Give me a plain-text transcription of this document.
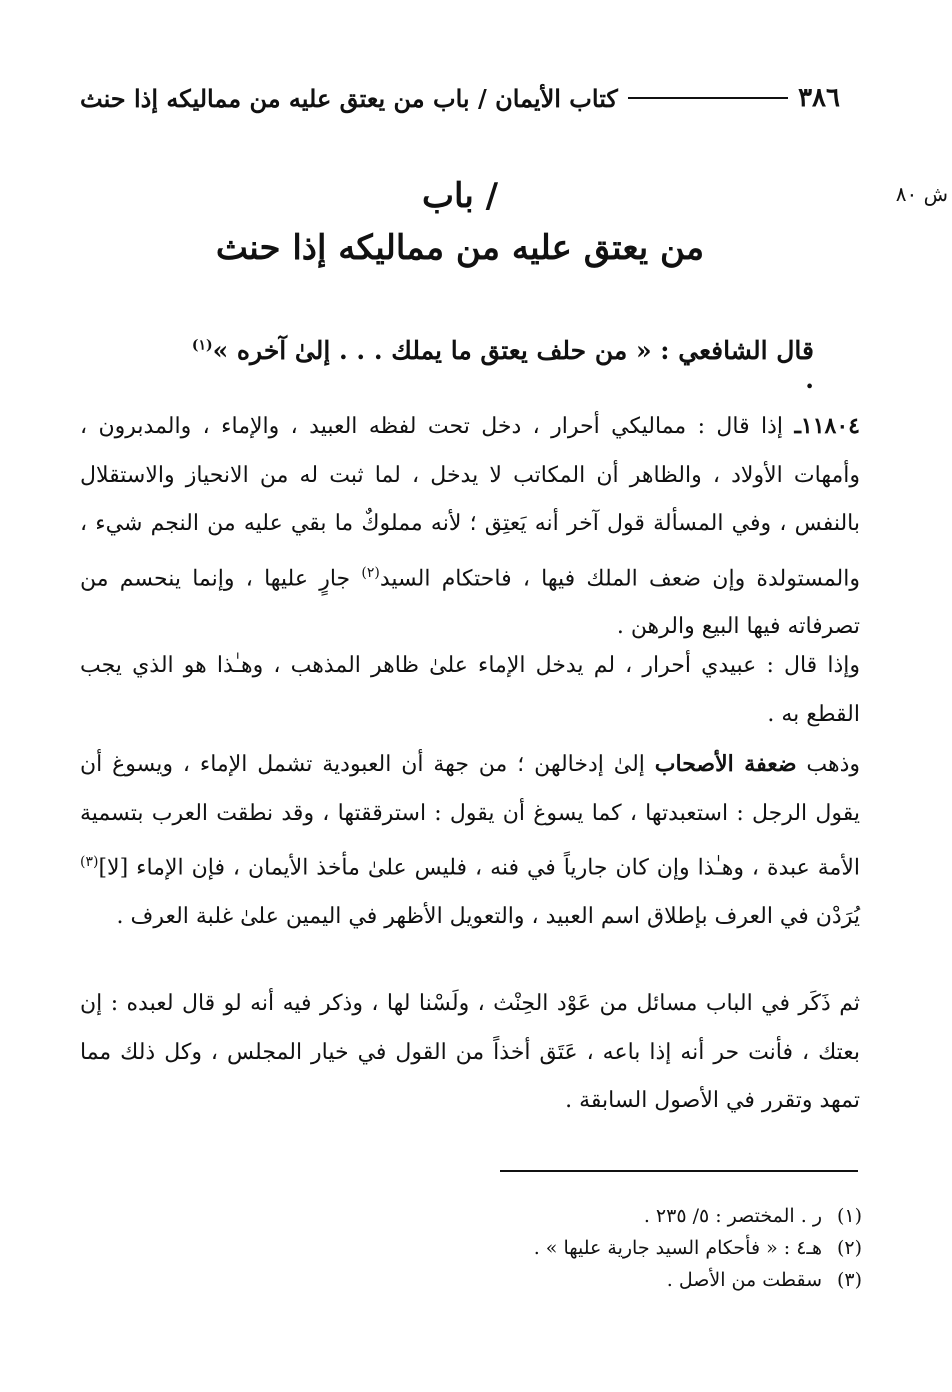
٣٨٦
كتاب الأيمان / باب من يعتق عليه من مماليكه إذا حنث
ش ٨٠
/ باب
من يعتق عليه من مماليكه إذا حنث
قال الشافعي : « من حلف يعتق ما يملك . . . إلىٰ آخره »$^{(١)}$ .
١١٨٠٤ـ إذا قال : مماليكي أحرار ، دخل تحت لفظه العبيد ، والإماء ، والمدبرون ، وأمهات الأولاد ، والظاهر أن المكاتب لا يدخل ، لما ثبت له من الانحياز والاستقلال بالنفس ، وفي المسألة قول آخر أنه يَعتِق ؛ لأنه مملوكٌ ما بقي عليه من النجم شيء ، والمستولدة وإن ضعف الملك فيها ، فاحتكام السيد$^{(٢)}$ جارٍ عليها ، وإنما ينحسم من تصرفاته فيها البيع والرهن .
وإذا قال : عبيدي أحرار ، لم يدخل الإماء علىٰ ظاهر المذهب ، وهـٰذا هو الذي يجب القطع به .
وذهب ضعفة الأصحاب إلىٰ إدخالهن ؛ من جهة أن العبودية تشمل الإماء ، ويسوغ أن يقول الرجل : استعبدتها ، كما يسوغ أن يقول : استرققتها ، وقد نطقت العرب بتسمية الأمة عبدة ، وهـٰذا وإن كان جارياً في فنه ، فليس علىٰ مأخذ الأيمان ، فإن الإماء [لا]$^{(٣)}$ يُرَدْن في العرف بإطلاق اسم العبيد ، والتعويل الأظهر في اليمين علىٰ غلبة العرف .
ثم ذَكَر في الباب مسائل من عَوْد الحِنْث ، ولَسْنا لها ، وذكر فيه أنه لو قال لعبده : إن بعتك ، فأنت حر أنه إذا باعه ، عَتَق أخذاً من القول في خيار المجلس ، وكل ذلك مما تمهد وتقرر في الأصول السابقة .
(١)ر . المختصر : ٥/ ٢٣٥ .
(٢)هـ٤ : « فأحكام السيد جارية عليها » .
(٣)سقطت من الأصل .
